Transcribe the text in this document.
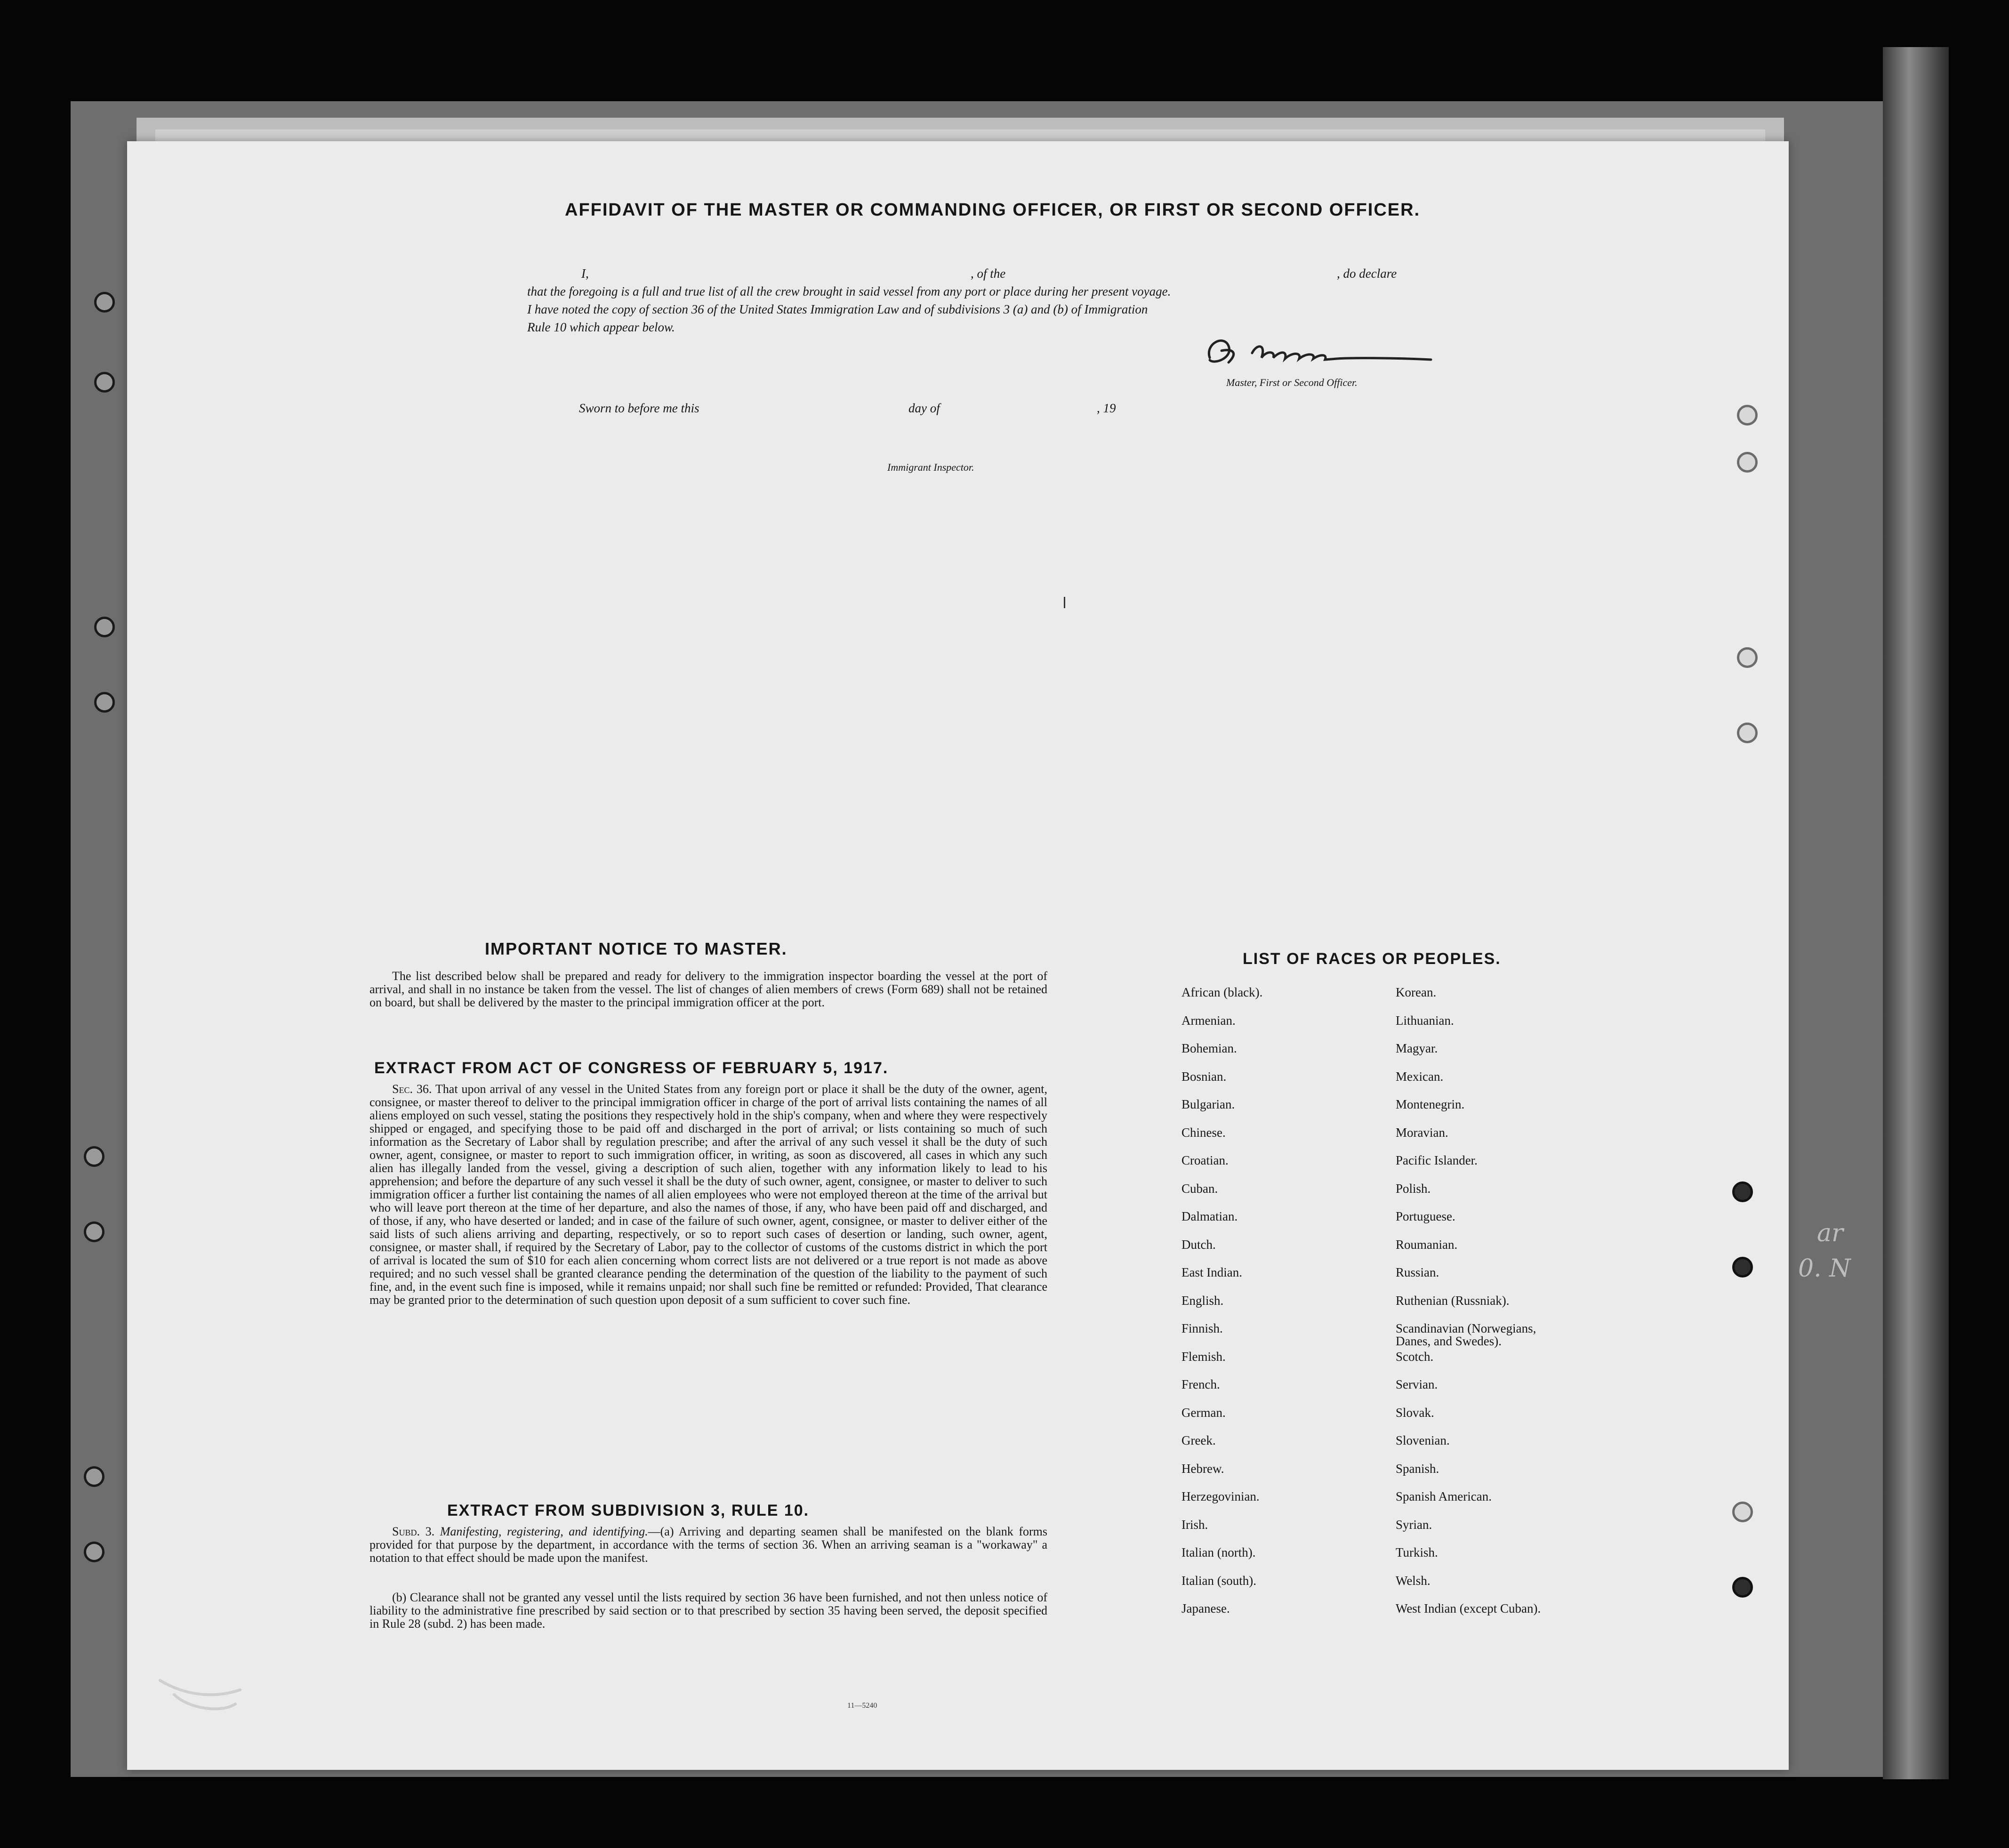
AFFIDAVIT OF THE MASTER OR COMMANDING OFFICER, OR FIRST OR SECOND OFFICER.
I,	, of the	, do declare
that the foregoing is a full and true list of all the crew brought in said vessel from any port or place during her present voyage.
I have noted the copy of section 36 of the United States Immigration Law and of subdivisions 3 (a) and (b) of Immigration
Rule 10 which appear below.
Master, First or Second Officer.
Sworn to before me this	day of	, 19
Immigrant Inspector.
IMPORTANT NOTICE TO MASTER.
The list described below shall be prepared and ready for delivery to the immigration inspector boarding the vessel at the port of arrival, and shall in no instance be taken from the vessel. The list of changes of alien members of crews (Form 689) shall not be retained on board, but shall be delivered by the master to the principal immigration officer at the port.
EXTRACT FROM ACT OF CONGRESS OF FEBRUARY 5, 1917.
Sec. 36. That upon arrival of any vessel in the United States from any foreign port or place it shall be the duty of the owner, agent, consignee, or master thereof to deliver to the principal immigration officer in charge of the port of arrival lists containing the names of all aliens employed on such vessel, stating the positions they respectively hold in the ship's company, when and where they were respectively shipped or engaged, and specifying those to be paid off and discharged in the port of arrival; or lists containing so much of such information as the Secretary of Labor shall by regulation prescribe; and after the arrival of any such vessel it shall be the duty of such owner, agent, consignee, or master to report to such immigration officer, in writing, as soon as discovered, all cases in which any such alien has illegally landed from the vessel, giving a description of such alien, together with any information likely to lead to his apprehension; and before the departure of any such vessel it shall be the duty of such owner, agent, consignee, or master to deliver to such immigration officer a further list containing the names of all alien employees who were not employed thereon at the time of the arrival but who will leave port thereon at the time of her departure, and also the names of those, if any, who have been paid off and discharged, and of those, if any, who have deserted or landed; and in case of the failure of such owner, agent, consignee, or master to deliver either of the said lists of such aliens arriving and departing, respectively, or so to report such cases of desertion or landing, such owner, agent, consignee, or master shall, if required by the Secretary of Labor, pay to the collector of customs of the customs district in which the port of arrival is located the sum of $10 for each alien concerning whom correct lists are not delivered or a true report is not made as above required; and no such vessel shall be granted clearance pending the determination of the question of the liability to the payment of such fine, and, in the event such fine is imposed, while it remains unpaid; nor shall such fine be remitted or refunded: Provided, That clearance may be granted prior to the determination of such question upon deposit of a sum sufficient to cover such fine.
EXTRACT FROM SUBDIVISION 3, RULE 10.
Subd. 3. Manifesting, registering, and identifying.—(a) Arriving and departing seamen shall be manifested on the blank forms provided for that purpose by the department, in accordance with the terms of section 36. When an arriving seaman is a "workaway" a notation to that effect should be made upon the manifest.
(b) Clearance shall not be granted any vessel until the lists required by section 36 have been furnished, and not then unless notice of liability to the administrative fine prescribed by said section or to that prescribed by section 35 having been served, the deposit specified in Rule 28 (subd. 2) has been made.
11—5240
LIST OF RACES OR PEOPLES.
African (black).	Korean.
Armenian.	Lithuanian.
Bohemian.	Magyar.
Bosnian.	Mexican.
Bulgarian.	Montenegrin.
Chinese.	Moravian.
Croatian.	Pacific Islander.
Cuban.	Polish.
Dalmatian.	Portuguese.
Dutch.	Roumanian.
East Indian.	Russian.
English.	Ruthenian (Russniak).
Finnish.	Scandinavian (Norwegians,
Danes, and Swedes).
Flemish.	Scotch.
French.	Servian.
German.	Slovak.
Greek.	Slovenian.
Hebrew.	Spanish.
Herzegovinian.	Spanish American.
Irish.	Syrian.
Italian (north).	Turkish.
Italian (south).	Welsh.
Japanese.	West Indian (except Cuban).
ar
0. N
